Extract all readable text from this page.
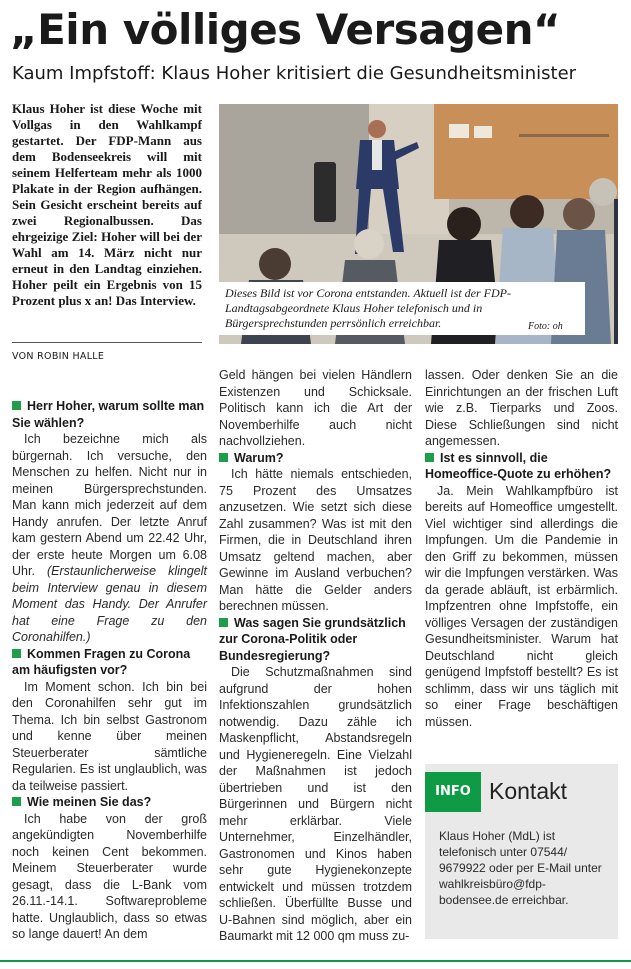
„Ein völliges Versagen“
Kaum Impfstoff: Klaus Hoher kritisiert die Gesundheitsminister
Klaus Hoher ist diese Woche mit Vollgas in den Wahlkampf gestartet. Der FDP-Mann aus dem Bodenseekreis will mit seinem Helferteam mehr als 1000 Plakate in der Region aufhängen. Sein Gesicht erscheint bereits auf zwei Regionalbussen. Das ehrgeizige Ziel: Hoher will bei der Wahl am 14. März nicht nur erneut in den Landtag einziehen. Hoher peilt ein Ergebnis von 15 Prozent plus x an! Das Interview.
VON ROBIN HALLE
Dieses Bild ist vor Corona entstanden. Aktuell ist der FDP-Landtagsabgeordnete Klaus Hoher telefonisch und in Bürgersprechstunden perrsönlich erreichbar.	Foto: oh

Herr Hoher, warum sollte man Sie wählen?

Ich bezeichne mich als bürgernah. Ich versuche, den Menschen zu helfen. Nicht nur in meinen Bürgersprechstunden. Man kann mich jederzeit auf dem Handy anrufen. Der letzte Anruf kam gestern Abend um 22.42 Uhr, der erste heute Morgen um 6.08 Uhr. (Erstaunlicherweise klingelt beim Interview genau in diesem Moment das Handy. Der Anrufer hat eine Frage zu den Coronahilfen.)

Kommen Fragen zu Corona am häufigsten vor?

Im Moment schon. Ich bin bei den Coronahilfen sehr gut im Thema. Ich bin selbst Gastronom und kenne über meinen Steuerberater sämtliche Regularien. Es ist unglaublich, was da teilweise passiert.

Wie meinen Sie das?

Ich habe von der groß angekündigten Novemberhilfe noch keinen Cent bekommen. Meinem Steuerberater wurde gesagt, dass die L-Bank vom 26.11.-14.1. Softwareprobleme hatte. Unglaublich, dass so etwas so lange dauert! An dem

Geld hängen bei vielen Händlern Existenzen und Schicksale. Politisch kann ich die Art der Novemberhilfe auch nicht nachvollziehen.

Warum?

Ich hätte niemals entschieden, 75 Prozent des Umsatzes anzusetzen. Wie setzt sich diese Zahl zusammen? Was ist mit den Firmen, die in Deutschland ihren Umsatz geltend machen, aber Gewinne im Ausland verbuchen? Man hätte die Gelder anders berechnen müssen.

Was sagen Sie grundsätzlich zur Corona-Politik oder Bundesregierung?

Die Schutzmaßnahmen sind aufgrund der hohen Infektionszahlen grundsätzlich notwendig. Dazu zähle ich Maskenpflicht, Abstandsregeln und Hygieneregeln. Eine Vielzahl der Maßnahmen ist jedoch übertrieben und ist den Bürgerinnen und Bürgern nicht mehr erklärbar. Viele Unternehmer, Einzelhändler, Gastronomen und Kinos haben sehr gute Hygienekonzepte entwickelt und müssen trotzdem schließen. Überfüllte Busse und U-Bahnen sind möglich, aber ein Baumarkt mit 12 000 qm muss zu-

lassen. Oder denken Sie an die Einrichtungen an der frischen Luft wie z.B. Tierparks und Zoos. Diese Schließungen sind nicht angemessen.

Ist es sinnvoll, die Homeoffice-Quote zu erhöhen?

Ja. Mein Wahlkampfbüro ist bereits auf Homeoffice umgestellt. Viel wichtiger sind allerdings die Impfungen. Um die Pandemie in den Griff zu bekommen, müssen wir die Impfungen verstärken. Was da gerade abläuft, ist erbärmlich. Impfzentren ohne Impfstoffe, ein völliges Versagen der zuständigen Gesundheitsminister. Warum hat Deutschland nicht gleich genügend Impfstoff bestellt? Es ist schlimm, dass wir uns täglich mit so einer Frage beschäftigen müssen.

INFO Kontakt
Klaus Hoher (MdL) ist telefonisch unter 07544/ 9679922 oder per E-Mail unter wahlkreisbüro@fdp-bodensee.de erreichbar.
